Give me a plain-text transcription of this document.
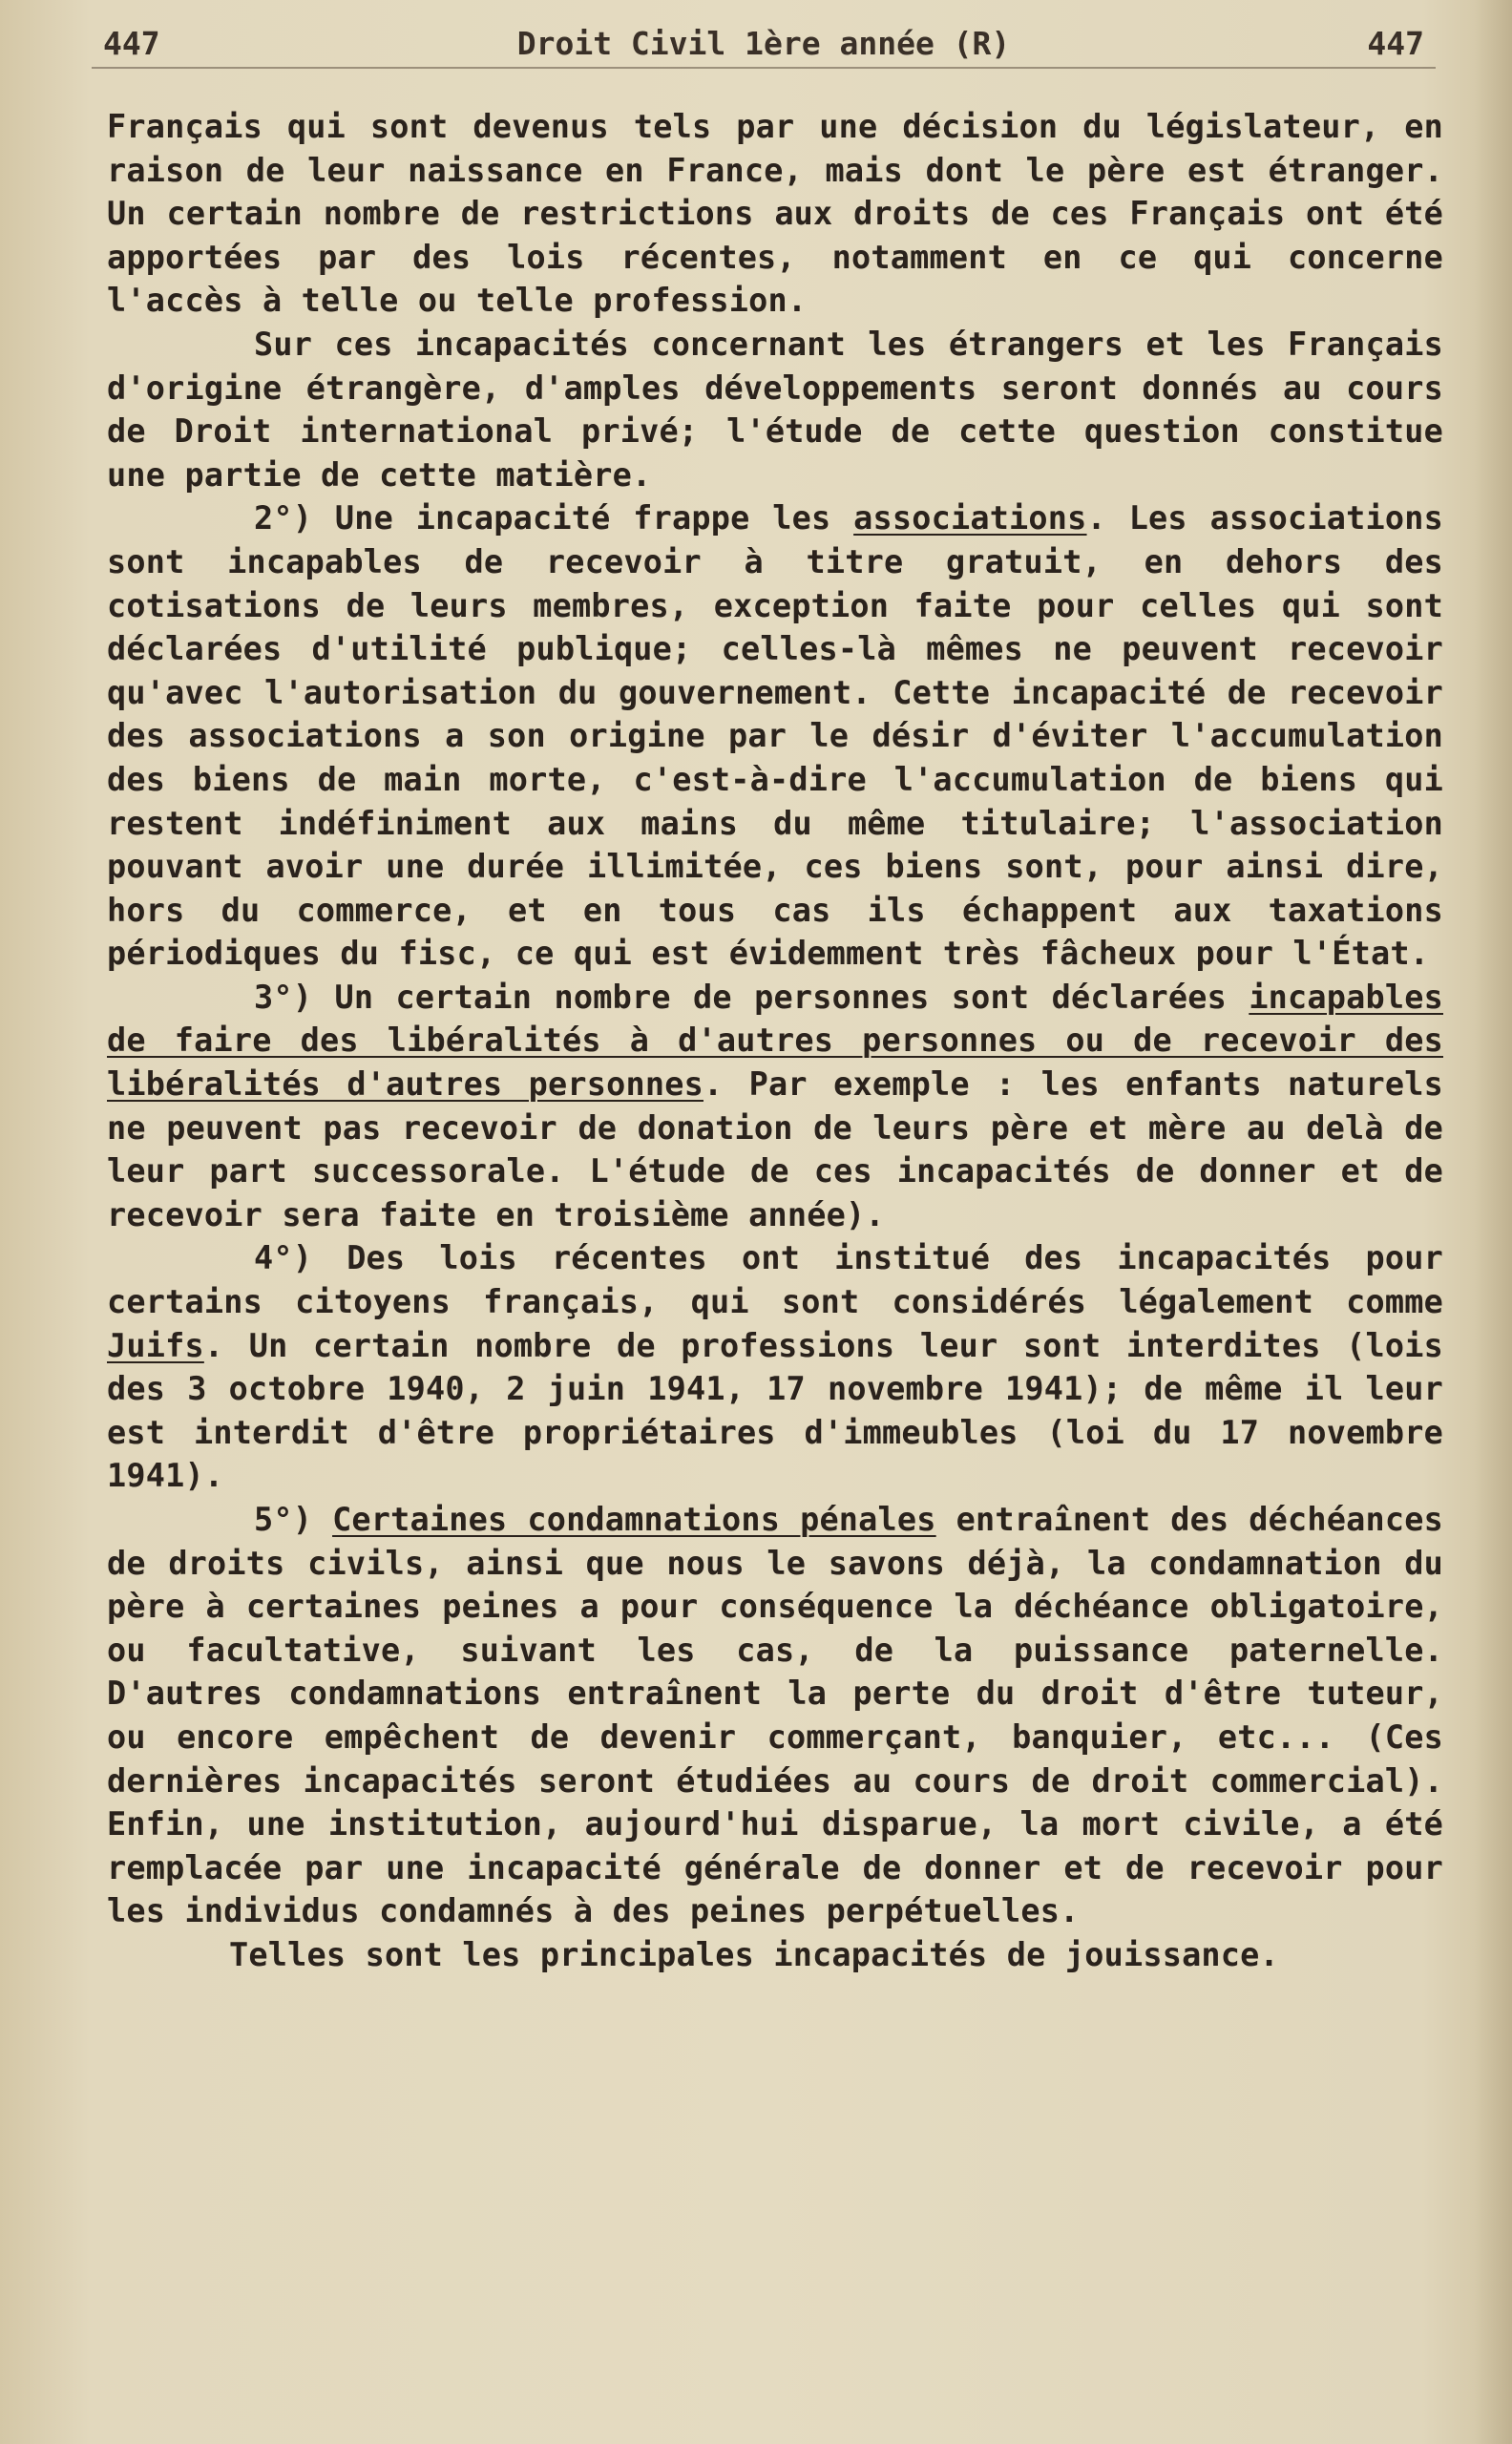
447	Droit Civil 1ère année (R)	447

Français qui sont devenus tels par une décision du législateur, en raison de leur naissance en France, mais dont le père est étranger. Un certain nombre de restrictions aux droits de ces Français ont été apportées par des lois récentes, notamment en ce qui concerne l'accès à telle ou telle profession.

Sur ces incapacités concernant les étrangers et les Français d'origine étrangère, d'amples développements seront donnés au cours de Droit international privé; l'étude de cette question constitue une partie de cette matière.

2°) Une incapacité frappe les associations. Les associations sont incapables de recevoir à titre gratuit, en dehors des cotisations de leurs membres, exception faite pour celles qui sont déclarées d'utilité publique; celles-là mêmes ne peuvent recevoir qu'avec l'autorisation du gouvernement. Cette incapacité de recevoir des associations a son origine par le désir d'éviter l'accumulation des biens de main morte, c'est-à-dire l'accumulation de biens qui restent indéfiniment aux mains du même titulaire; l'association pouvant avoir une durée illimitée, ces biens sont, pour ainsi dire, hors du commerce, et en tous cas ils échappent aux taxations périodiques du fisc, ce qui est évidemment très fâcheux pour l'État.

3°) Un certain nombre de personnes sont déclarées incapables de faire des libéralités à d'autres personnes ou de recevoir des libéralités d'autres personnes. Par exemple : les enfants naturels ne peuvent pas recevoir de donation de leurs père et mère au delà de leur part successorale. L'étude de ces incapacités de donner et de recevoir sera faite en troisième année).

4°) Des lois récentes ont institué des incapacités pour certains citoyens français, qui sont considérés légalement comme Juifs. Un certain nombre de professions leur sont interdites (lois des 3 octobre 1940, 2 juin 1941, 17 novembre 1941); de même il leur est interdit d'être propriétaires d'immeubles (loi du 17 novembre 1941).

5°) Certaines condamnations pénales entraînent des déchéances de droits civils, ainsi que nous le savons déjà, la condamnation du père à certaines peines a pour conséquence la déchéance obligatoire, ou facultative, suivant les cas, de la puissance paternelle. D'autres condamnations entraînent la perte du droit d'être tuteur, ou encore empêchent de devenir commerçant, banquier, etc... (Ces dernières incapacités seront étudiées au cours de droit commercial). Enfin, une institution, aujourd'hui disparue, la mort civile, a été remplacée par une incapacité générale de donner et de recevoir pour les individus condamnés à des peines perpétuelles.

Telles sont les principales incapacités de jouissance.
